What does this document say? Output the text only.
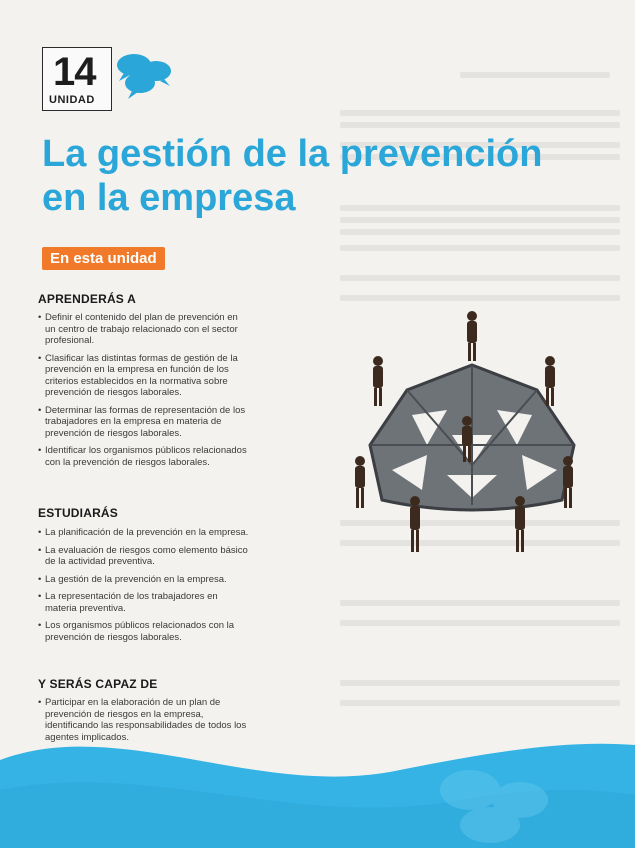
14
UNIDAD
La gestión de la prevención
en la empresa
En esta unidad
APRENDERÁS A
• Definir el contenido del plan de prevención en un centro de trabajo relacionado con el sector profesional.
• Clasificar las distintas formas de gestión de la prevención en la empresa en función de los criterios establecidos en la normativa sobre prevención de riesgos laborales.
• Determinar las formas de representación de los trabajadores en la empresa en materia de prevención de riesgos laborales.
• Identificar los organismos públicos relacionados con la prevención de riesgos laborales.
ESTUDIARÁS
• La planificación de la prevención en la empresa.
• La evaluación de riesgos como elemento básico de la actividad preventiva.
• La gestión de la prevención en la empresa.
• La representación de los trabajadores en materia preventiva.
• Los organismos públicos relacionados con la prevención de riesgos laborales.
Y SERÁS CAPAZ DE
• Participar en la elaboración de un plan de prevención de riesgos en la empresa, identificando las responsabilidades de todos los agentes implicados.
